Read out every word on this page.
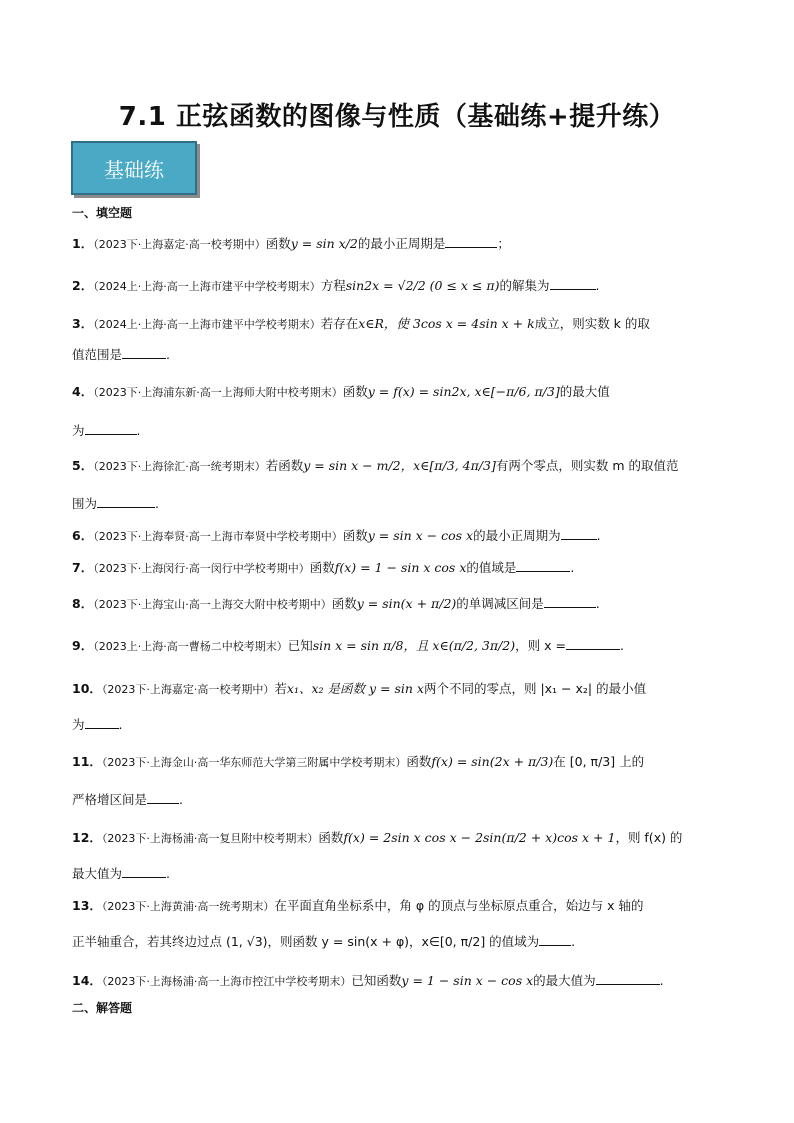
7.1 正弦函数的图像与性质（基础练+提升练）
基础练
一、填空题
1．（2023下·上海嘉定·高一校考期中）函数y = sin x/2的最小正周期是	；
2．（2024上·上海·高一上海市建平中学校考期末）方程sin2x = √2/2 (0 ≤ x ≤ π)的解集为	.
3．（2024上·上海·高一上海市建平中学校考期末）若存在x∈R，使 3cos x = 4sin x + k成立，则实数 k 的取
值范围是	.
4．（2023下·上海浦东新·高一上海师大附中校考期末）函数y = f(x) = sin2x, x∈[−π/6, π/3]的最大值
为	.
5．（2023下·上海徐汇·高一统考期末）若函数y = sin x − m/2，x∈[π/3, 4π/3]有两个零点，则实数 m 的取值范
围为	.
6．（2023下·上海奉贤·高一上海市奉贤中学校考期中）函数y = sin x − cos x的最小正周期为	.
7．（2023下·上海闵行·高一闵行中学校考期中）函数f(x) = 1 − sin x cos x的值域是	.
8．（2023下·上海宝山·高一上海交大附中校考期中）函数y = sin(x + π/2)的单调减区间是	.
9．（2023上·上海·高一曹杨二中校考期末）已知sin x = sin π/8，且 x∈(π/2, 3π/2)，则 x =	.
10．（2023下·上海嘉定·高一校考期中）若x₁、x₂ 是函数 y = sin x两个不同的零点，则 |x₁ − x₂| 的最小值
为	.
11．（2023下·上海金山·高一华东师范大学第三附属中学校考期末）函数f(x) = sin(2x + π/3)在 [0, π/3] 上的
严格增区间是	.
12．（2023下·上海杨浦·高一复旦附中校考期末）函数f(x) = 2sin x cos x − 2sin(π/2 + x)cos x + 1，则 f(x) 的
最大值为	.
13．（2023下·上海黄浦·高一统考期末）在平面直角坐标系中，角 φ 的顶点与坐标原点重合，始边与 x 轴的
正半轴重合，若其终边过点 (1, √3)，则函数 y = sin(x + φ)，x∈[0, π/2] 的值域为	.
14．（2023下·上海杨浦·高一上海市控江中学校考期末）已知函数y = 1 − sin x − cos x的最大值为	.
二、解答题
